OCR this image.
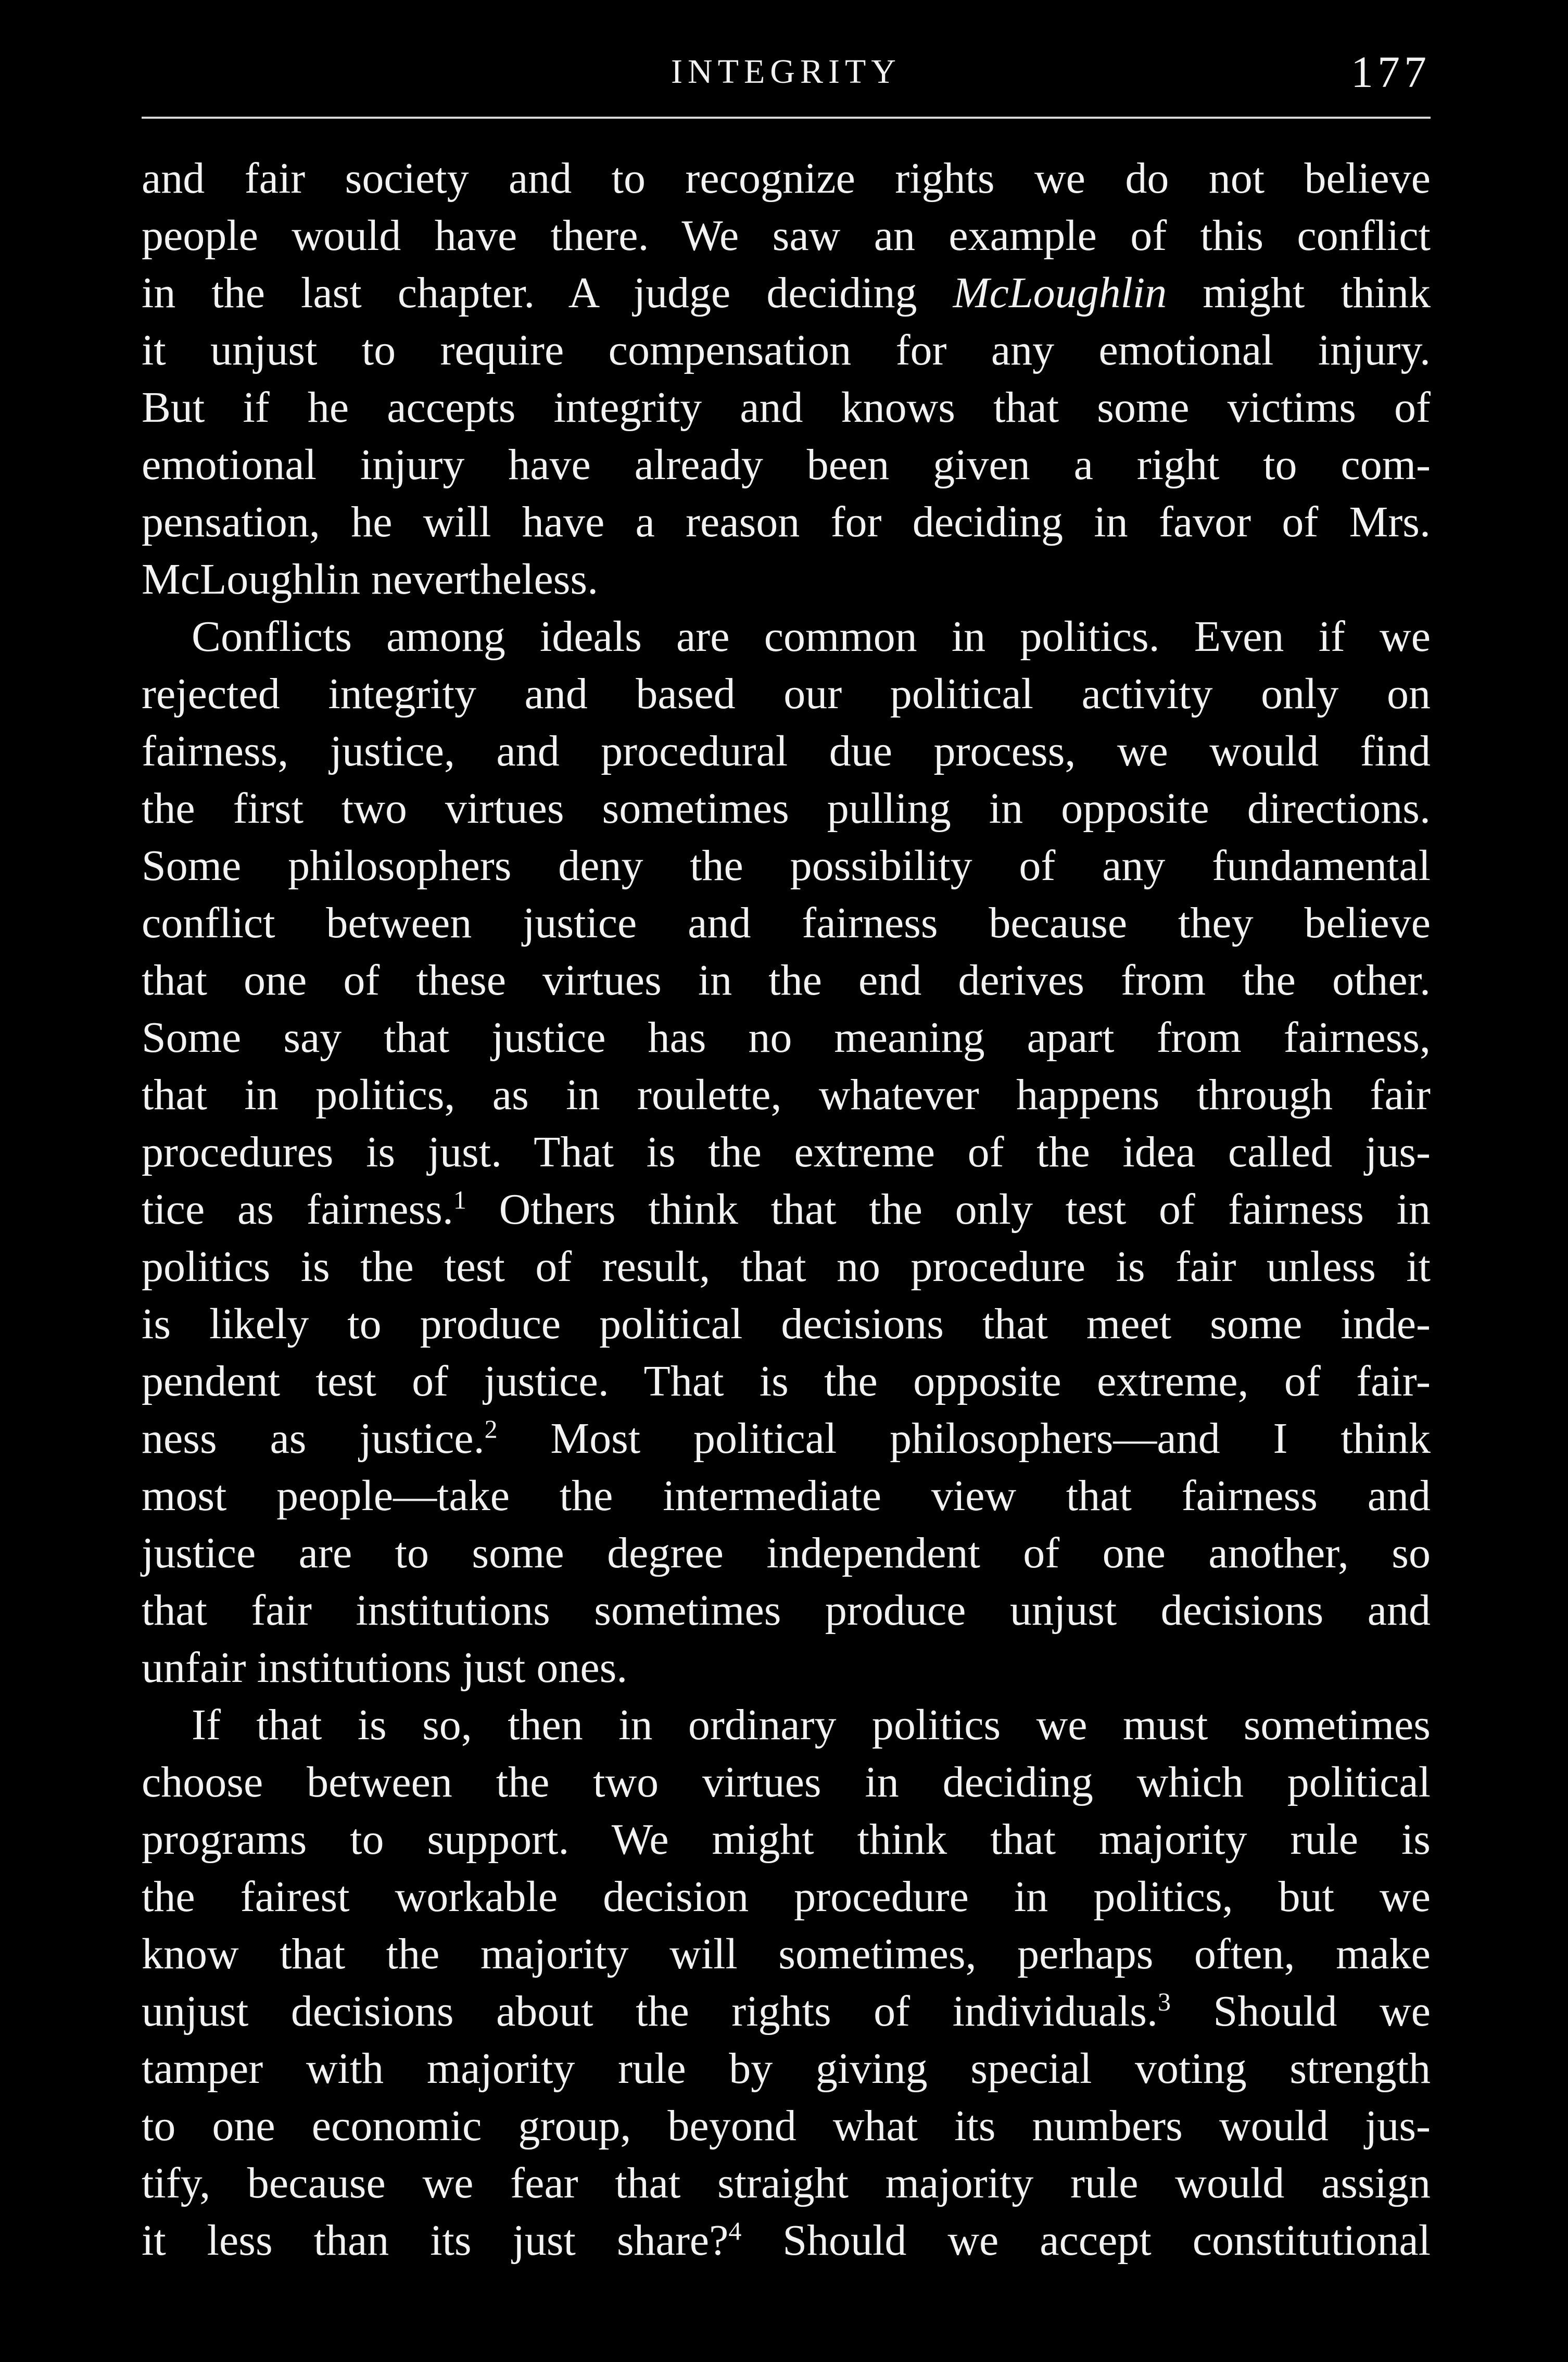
INTEGRITY	177
and fair society and to recognize rights we do not believe
people would have there. We saw an example of this conflict
in the last chapter. A judge deciding McLoughlin might think
it unjust to require compensation for any emotional injury.
But if he accepts integrity and knows that some victims of
emotional injury have already been given a right to com-
pensation, he will have a reason for deciding in favor of Mrs.
McLoughlin nevertheless.
Conflicts among ideals are common in politics. Even if we
rejected integrity and based our political activity only on
fairness, justice, and procedural due process, we would find
the first two virtues sometimes pulling in opposite directions.
Some philosophers deny the possibility of any fundamental
conflict between justice and fairness because they believe
that one of these virtues in the end derives from the other.
Some say that justice has no meaning apart from fairness,
that in politics, as in roulette, whatever happens through fair
procedures is just. That is the extreme of the idea called jus-
tice as fairness.$^1$ Others think that the only test of fairness in
politics is the test of result, that no procedure is fair unless it
is likely to produce political decisions that meet some inde-
pendent test of justice. That is the opposite extreme, of fair-
ness as justice.$^2$ Most political philosophers—and I think
most people—take the intermediate view that fairness and
justice are to some degree independent of one another, so
that fair institutions sometimes produce unjust decisions and
unfair institutions just ones.
If that is so, then in ordinary politics we must sometimes
choose between the two virtues in deciding which political
programs to support. We might think that majority rule is
the fairest workable decision procedure in politics, but we
know that the majority will sometimes, perhaps often, make
unjust decisions about the rights of individuals.$^3$ Should we
tamper with majority rule by giving special voting strength
to one economic group, beyond what its numbers would jus-
tify, because we fear that straight majority rule would assign
it less than its just share?$^4$ Should we accept constitutional
